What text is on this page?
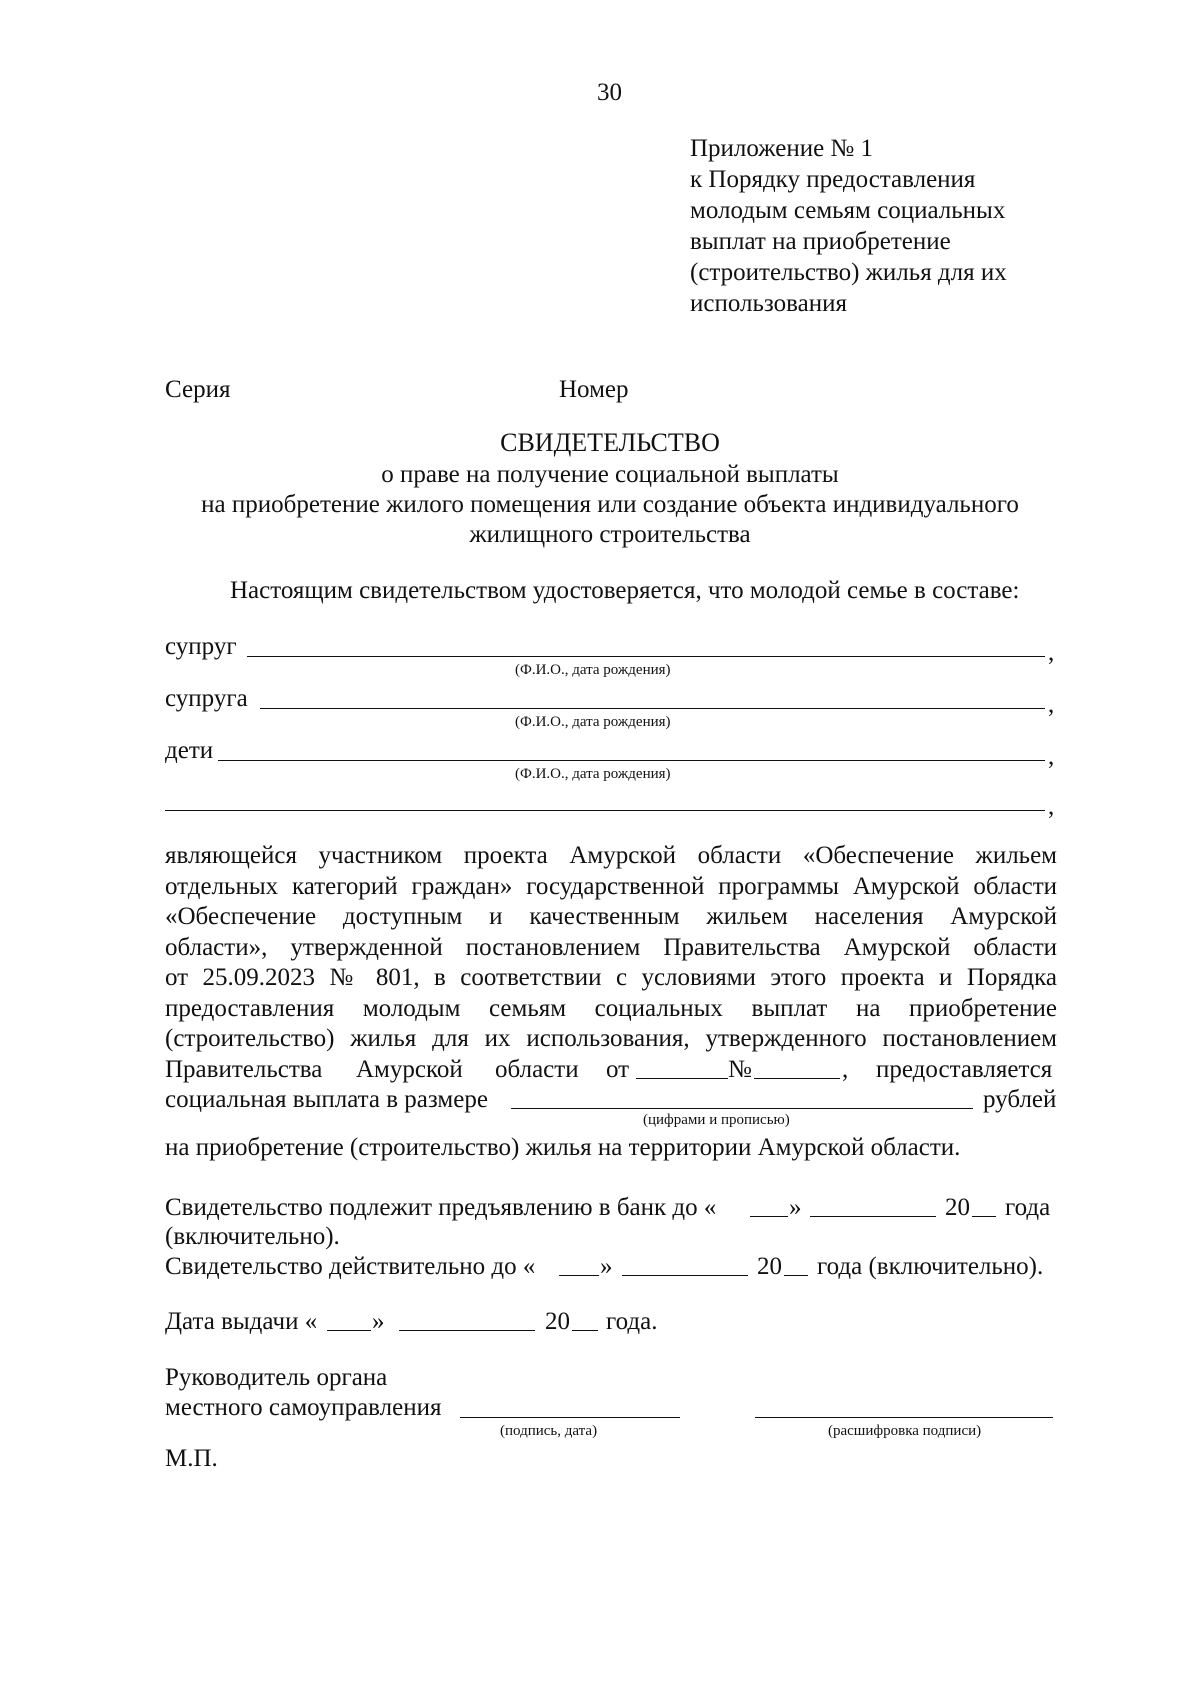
30
Приложение № 1
к Порядку предоставления
молодым семьям социальных
выплат на приобретение
(строительство) жилья для их
использования
Серия	Номер
СВИДЕТЕЛЬСТВО
о праве на получение социальной выплаты
на приобретение жилого помещения или создание объекта индивидуального
жилищного строительства
Настоящим свидетельством удостоверяется, что молодой семье в составе:
супруг	,
(Ф.И.О., дата рождения)
супруга	,
(Ф.И.О., дата рождения)
дети	,
(Ф.И.О., дата рождения)
,
являющейся участником проекта Амурской области «Обеспечение жильем
отдельных категорий граждан» государственной программы Амурской области
«Обеспечение доступным и качественным жильем населения Амурской
области», утвержденной постановлением Правительства Амурской области
от 25.09.2023 № 801, в соответствии с условиями этого проекта и Порядка
предоставления молодым семьям социальных выплат на приобретение
(строительство) жилья для их использования, утвержденного постановлением
Правительства Амурской области от	№	, предоставляется
социальная выплата в размере	рублей
(цифрами и прописью)
на приобретение (строительство) жилья на территории Амурской области.
Свидетельство подлежит предъявлению в банк до «	»	20 года
(включительно).
Свидетельство действительно до «	»	20 года (включительно).
Дата выдачи « »	20 года.
Руководитель органа
местного самоуправления
(подпись, дата)	(расшифровка подписи)
М.П.
